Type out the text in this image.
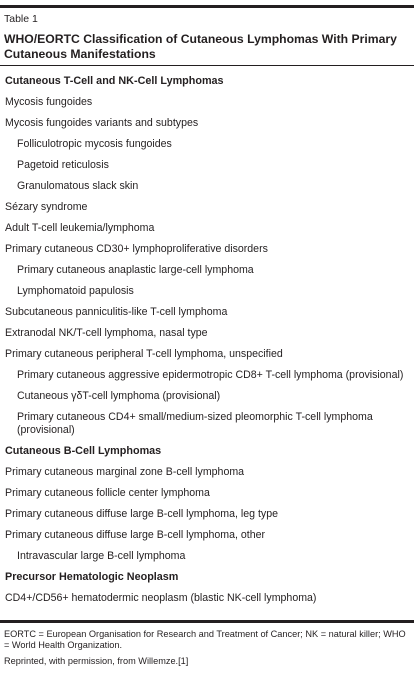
Table 1
WHO/EORTC Classification of Cutaneous Lymphomas With Primary Cutaneous Manifestations
Cutaneous T-Cell and NK-Cell Lymphomas
Mycosis fungoides
Mycosis fungoides variants and subtypes
Folliculotropic mycosis fungoides
Pagetoid reticulosis
Granulomatous slack skin
Sézary syndrome
Adult T-cell leukemia/lymphoma
Primary cutaneous CD30+ lymphoproliferative disorders
Primary cutaneous anaplastic large-cell lymphoma
Lymphomatoid papulosis
Subcutaneous panniculitis-like T-cell lymphoma
Extranodal NK/T-cell lymphoma, nasal type
Primary cutaneous peripheral T-cell lymphoma, unspecified
Primary cutaneous aggressive epidermotropic CD8+ T-cell lymphoma (provisional)
Cutaneous γδT-cell lymphoma (provisional)
Primary cutaneous CD4+ small/medium-sized pleomorphic T-cell lymphoma (provisional)
Cutaneous B-Cell Lymphomas
Primary cutaneous marginal zone B-cell lymphoma
Primary cutaneous follicle center lymphoma
Primary cutaneous diffuse large B-cell lymphoma, leg type
Primary cutaneous diffuse large B-cell lymphoma, other
Intravascular large B-cell lymphoma
Precursor Hematologic Neoplasm
CD4+/CD56+ hematodermic neoplasm (blastic NK-cell lymphoma)
EORTC = European Organisation for Research and Treatment of Cancer; NK = natural killer; WHO = World Health Organization.
Reprinted, with permission, from Willemze.[1]
